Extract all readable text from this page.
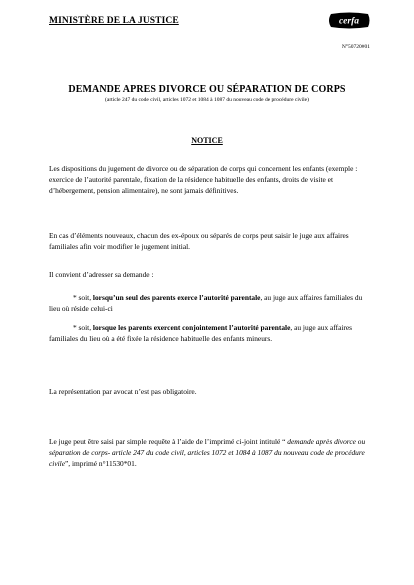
MINISTÈRE DE LA JUSTICE	cerfa
N°50720#01
DEMANDE APRES DIVORCE OU SÉPARATION DE CORPS
(article 247 du code civil, articles 1072 et 1084 à 1087 du nouveau code de procédure civile)
NOTICE
Les dispositions du jugement de divorce ou de séparation de corps qui concernent les enfants (exemple : exercice de l’autorité parentale, fixation de la résidence habituelle des enfants, droits de visite et d’hébergement, pension alimentaire), ne sont jamais définitives.
En cas d’éléments nouveaux, chacun des ex-époux ou séparés de corps peut saisir le juge aux affaires familiales afin voir modifier le jugement initial.
Il convient d’adresser sa demande :
* soit, lorsqu’un seul des parents exerce l’autorité parentale, au juge aux affaires familiales du lieu où réside celui-ci
* soit, lorsque les parents exercent conjointement l’autorité parentale, au juge aux affaires familiales du lieu où a été fixée la résidence habituelle des enfants mineurs.
La représentation par avocat n’est pas obligatoire.
Le juge peut être saisi par simple requête à l’aide de l’imprimé ci-joint intitulé “ demande après divorce ou séparation de corps- article 247 du code civil, articles 1072 et 1084 à 1087 du nouveau code de procédure civile”, imprimé n°11530*01.
